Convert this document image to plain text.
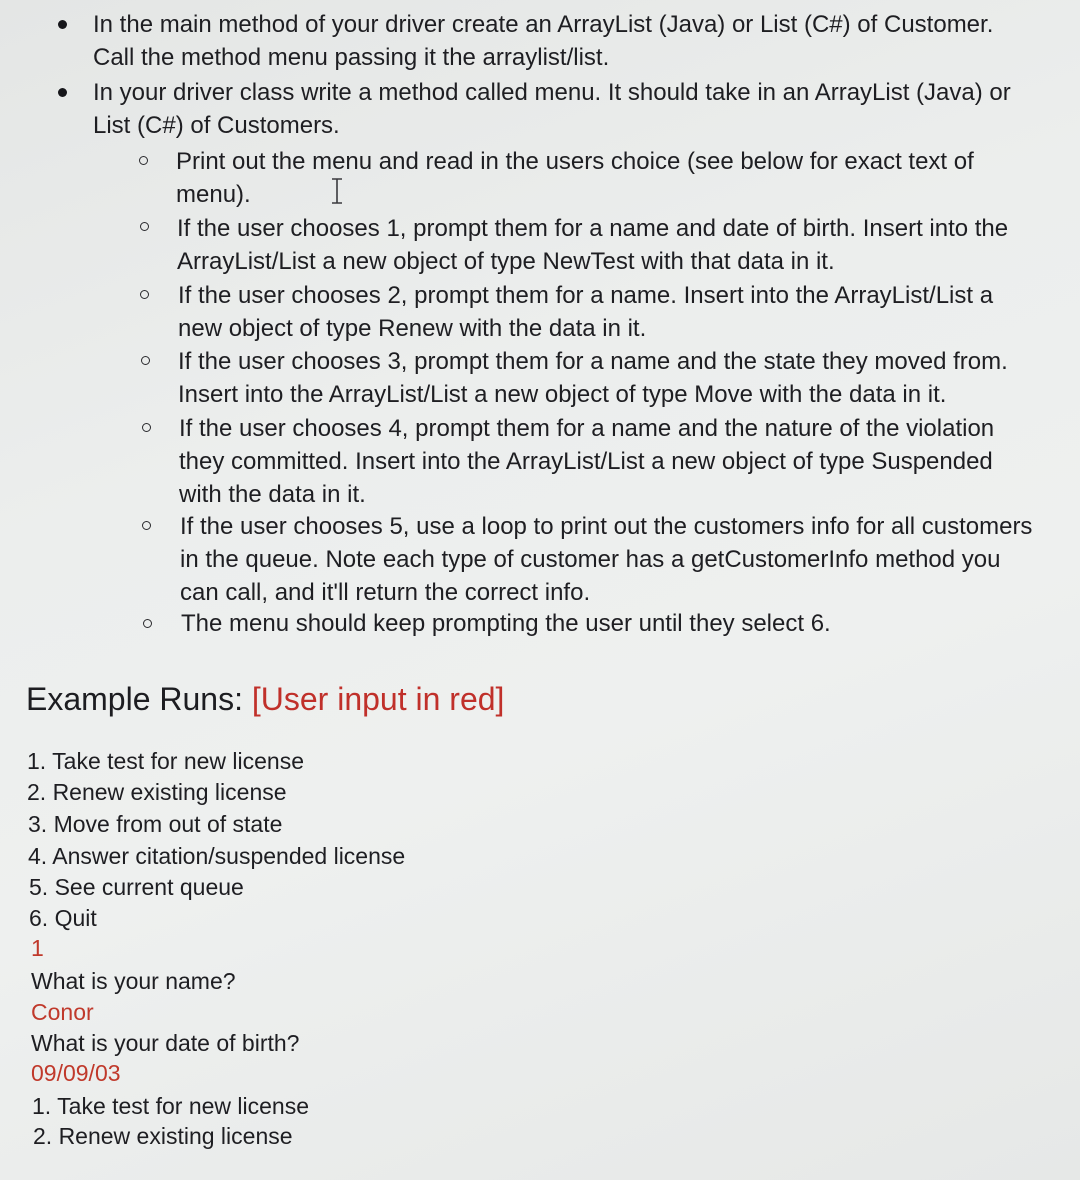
In the main method of your driver create an ArrayList (Java) or List (C#) of Customer.
Call the method menu passing it the arraylist/list.

In your driver class write a method called menu. It should take in an ArrayList (Java) or
List (C#) of Customers.

Print out the menu and read in the users choice (see below for exact text of
menu).

If the user chooses 1, prompt them for a name and date of birth. Insert into the
ArrayList/List a new object of type NewTest with that data in it.

If the user chooses 2, prompt them for a name. Insert into the ArrayList/List a
new object of type Renew with the data in it.

If the user chooses 3, prompt them for a name and the state they moved from.
Insert into the ArrayList/List a new object of type Move with the data in it.

If the user chooses 4, prompt them for a name and the nature of the violation
they committed. Insert into the ArrayList/List a new object of type Suspended
with the data in it.

If the user chooses 5, use a loop to print out the customers info for all customers
in the queue. Note each type of customer has a getCustomerInfo method you
can call, and it'll return the correct info.

The menu should keep prompting the user until they select 6.

Example Runs: [User input in red]

1. Take test for new license

2. Renew existing license

3. Move from out of state

4. Answer citation/suspended license

5. See current queue

6. Quit

1

What is your name?

Conor

What is your date of birth?

09/09/03

1. Take test for new license

2. Renew existing license
